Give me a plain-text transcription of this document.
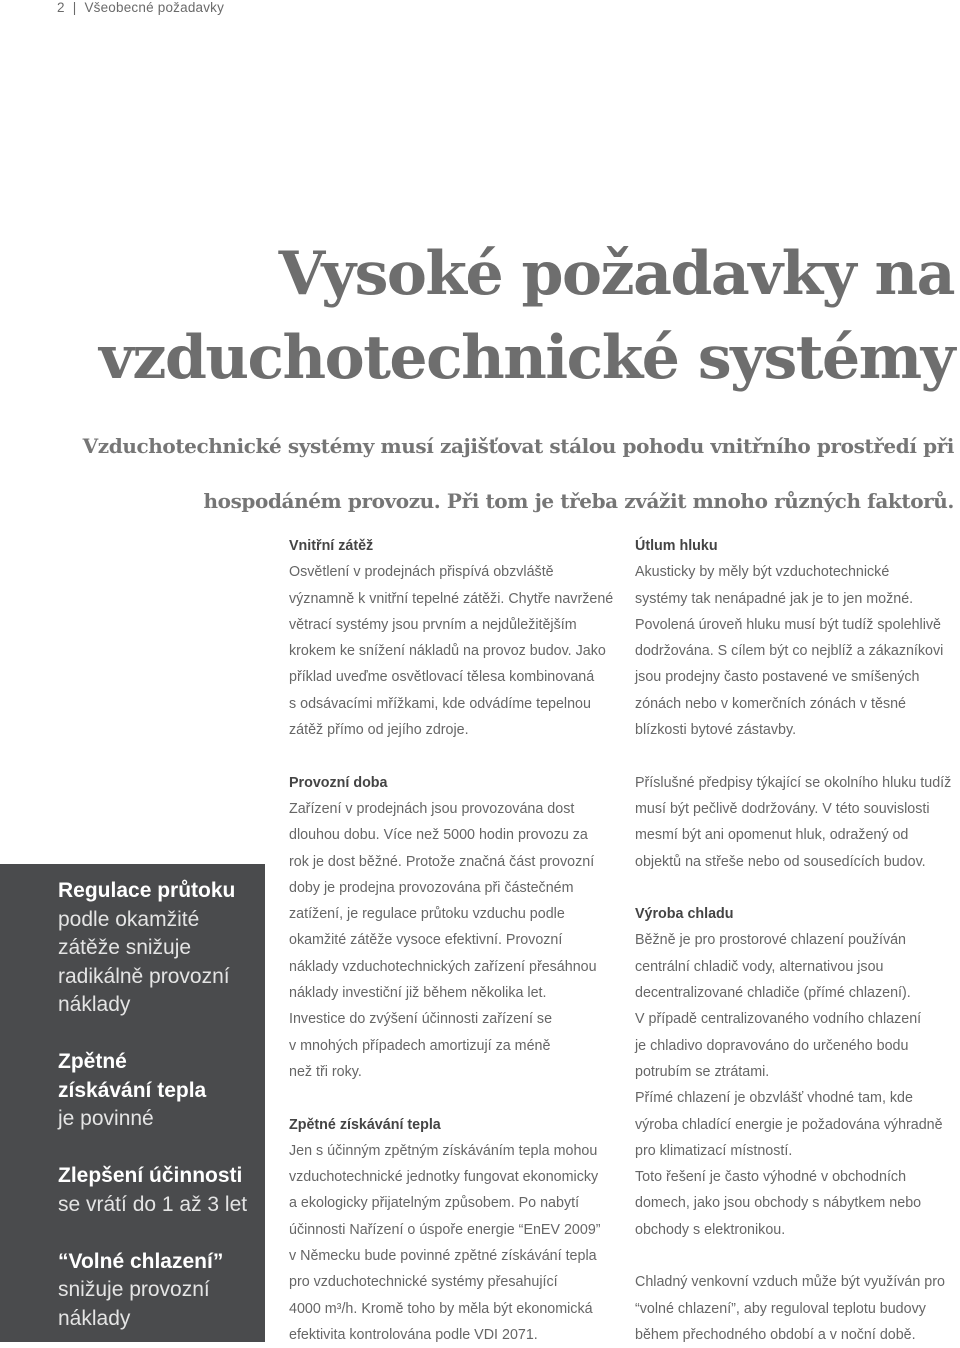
2 | Všeobecné požadavky
Vysoké požadavky na
vzduchotechnické systémy
Vzduchotechnické systémy musí zajišťovat stálou pohodu vnitřního prostředí při
hospodáném provozu. Při tom je třeba zvážit mnoho různých faktorů.
Vnitřní zátěž

Osvětlení v prodejnách přispívá obzvláště

významně k vnitřní tepelné zátěži. Chytře navržené

větrací systémy jsou prvním a nejdůležitějším

krokem ke snížení nákladů na provoz budov. Jako

příklad uveďme osvětlovací tělesa kombinovaná

s odsávacími mřížkami, kde odvádíme tepelnou

zátěž přímo od jejího zdroje.

Provozní doba

Zařízení v prodejnách jsou provozována dost

dlouhou dobu. Více než 5000 hodin provozu za

rok je dost běžné. Protože značná část provozní

doby je prodejna provozována při částečném

zatížení, je regulace průtoku vzduchu podle

okamžité zátěže vysoce efektivní. Provozní

náklady vzduchotechnických zařízení přesáhnou

náklady investiční již během několika let.

Investice do zvýšení účinnosti zařízení se

v mnohých případech amortizují za méně

než tři roky.

Zpětné získávání tepla

Jen s účinným zpětným získáváním tepla mohou

vzduchotechnické jednotky fungovat ekonomicky

a ekologicky přijatelným způsobem. Po nabytí

účinnosti Nařízení o úspoře energie “EnEV 2009”

v Německu bude povinné zpětné získávání tepla

pro vzduchotechnické systémy přesahující

4000 m³/h. Kromě toho by měla být ekonomická

efektivita kontrolována podle VDI 2071.

Útlum hluku

Akusticky by měly být vzduchotechnické

systémy tak nenápadné jak je to jen možné.

Povolená úroveň hluku musí být tudíž spolehlivě

dodržována. S cílem být co nejblíž a zákazníkovi

jsou prodejny často postavené ve smíšených

zónách nebo v komerčních zónách v těsné

blízkosti bytové zástavby.

Příslušné předpisy týkající se okolního hluku tudíž

musí být pečlivě dodržovány. V této souvislosti

mesmí být ani opomenut hluk, odražený od

objektů na střeše nebo od sousedících budov.

Výroba chladu

Běžně je pro prostorové chlazení používán

centrální chladič vody, alternativou jsou

decentralizované chladiče (přímé chlazení).

V případě centralizovaného vodního chlazení

je chladivo dopravováno do určeného bodu

potrubím se ztrátami.

Přímé chlazení je obzvlášť vhodné tam, kde

výroba chladící energie je požadována výhradně

pro klimatizací místností.

Toto řešení je často výhodné v obchodních

domech, jako jsou obchody s nábytkem nebo

obchody s elektronikou.

Chladný venkovní vzduch může být využíván pro

“volné chlazení”, aby reguloval teplotu budovy

během přechodného období a v noční době.

Regulace průtoku
podle okamžité
zátěže snižuje
radikálně provozní
náklady
Zpětné
získávání tepla
je povinné
Zlepšení účinnosti
se vrátí do 1 až 3 let
“Volné chlazení”
snižuje provozní
náklady
